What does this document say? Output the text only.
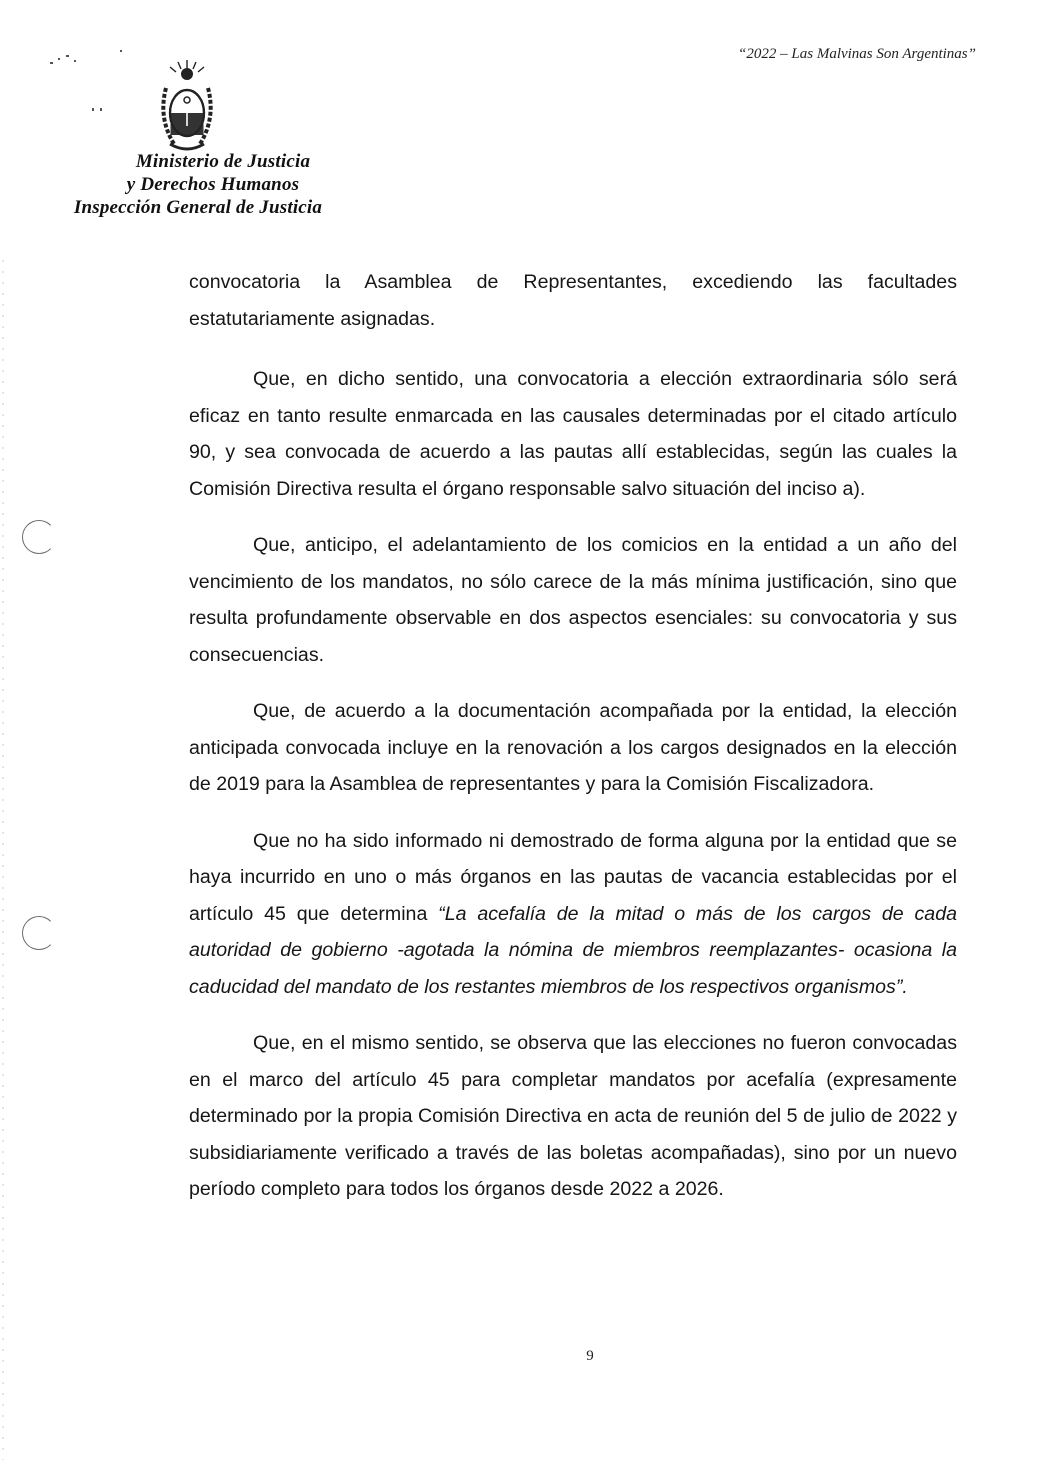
“2022 – Las Malvinas Son Argentinas”
Ministerio de Justicia
y Derechos Humanos
Inspección General de Justicia

convocatoria la Asamblea de Representantes, excediendo las facultades estatutariamente asignadas.

Que, en dicho sentido, una convocatoria a elección extraordinaria sólo será eficaz en tanto resulte enmarcada en las causales determinadas por el citado artículo 90, y sea convocada de acuerdo a las pautas allí establecidas, según las cuales la Comisión Directiva resulta el órgano responsable salvo situación del inciso a).

Que, anticipo, el adelantamiento de los comicios en la entidad a un año del vencimiento de los mandatos, no sólo carece de la más mínima justificación, sino que resulta profundamente observable en dos aspectos esenciales: su convocatoria y sus consecuencias.

Que, de acuerdo a la documentación acompañada por la entidad, la elección anticipada convocada incluye en la renovación a los cargos designados en la elección de 2019 para la Asamblea de representantes y para la Comisión Fiscalizadora.

Que no ha sido informado ni demostrado de forma alguna por la entidad que se haya incurrido en uno o más órganos en las pautas de vacancia establecidas por el artículo 45 que determina “La acefalía de la mitad o más de los cargos de cada autoridad de gobierno -agotada la nómina de miembros reemplazantes- ocasiona la caducidad del mandato de los restantes miembros de los respectivos organismos”.

Que, en el mismo sentido, se observa que las elecciones no fueron convocadas en el marco del artículo 45 para completar mandatos por acefalía (expresamente determinado por la propia Comisión Directiva en acta de reunión del 5 de julio de 2022 y subsidiariamente verificado a través de las boletas acompañadas), sino por un nuevo período completo para todos los órganos desde 2022 a 2026.

9
